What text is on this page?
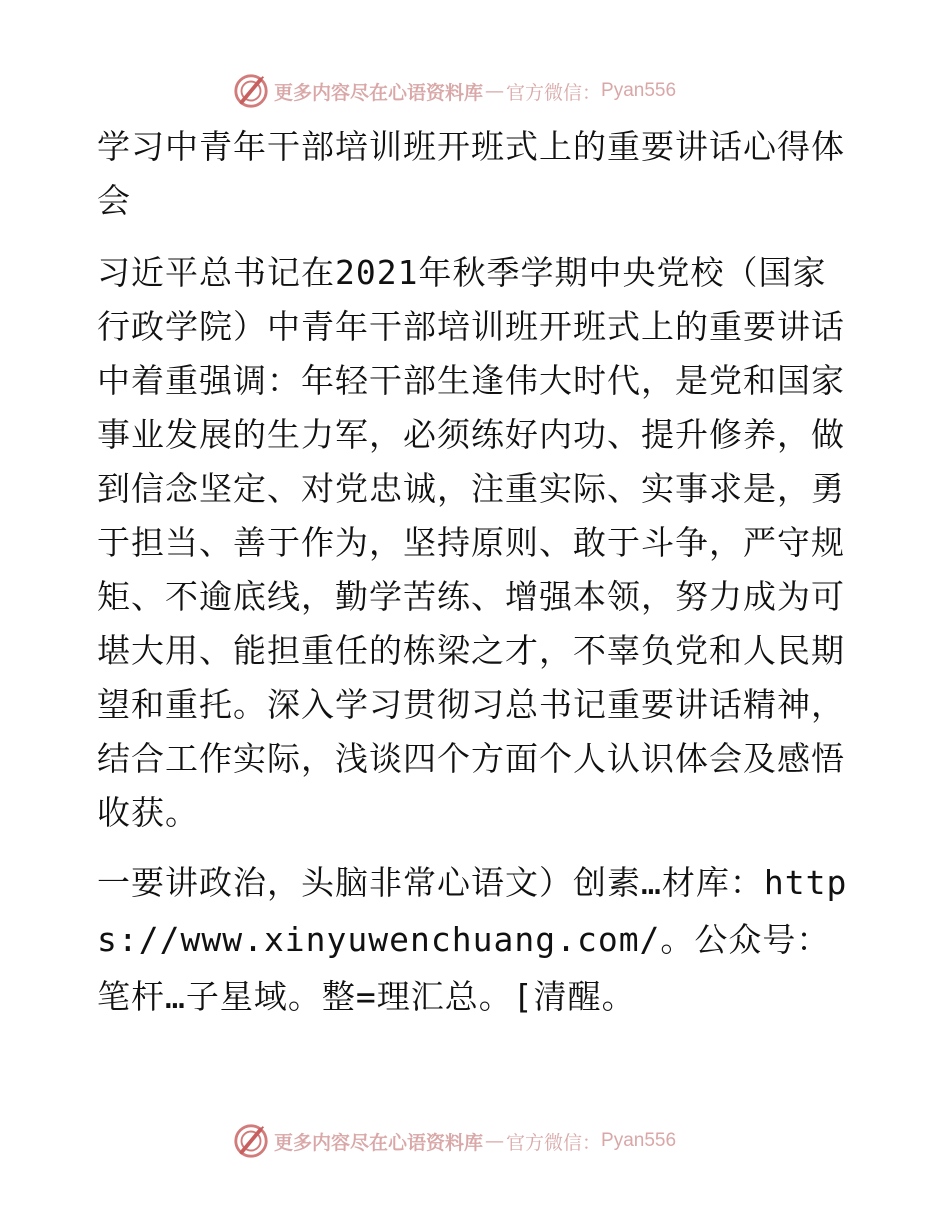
更多内容尽在心语资料库 — 官方微信： Pyan556

学习中青年干部培训班开班式上的重要讲话心得体会

习近平总书记在2021年秋季学期中央党校（国家行政学院）中青年干部培训班开班式上的重要讲话中着重强调：年轻干部生逢伟大时代，是党和国家事业发展的生力军，必须练好内功、提升修养，做到信念坚定、对党忠诚，注重实际、实事求是，勇于担当、善于作为，坚持原则、敢于斗争，严守规矩、不逾底线，勤学苦练、增强本领，努力成为可堪大用、能担重任的栋梁之才，不辜负党和人民期望和重托。深入学习贯彻习总书记重要讲话精神，结合工作实际，浅谈四个方面个人认识体会及感悟收获。

一要讲政治，头脑非常心语文）创素…材库：https://www.xinyuwenchuang.com/。公众号：笔杆…子星域。整=理汇总。[清醒。

更多内容尽在心语资料库 — 官方微信： Pyan556
